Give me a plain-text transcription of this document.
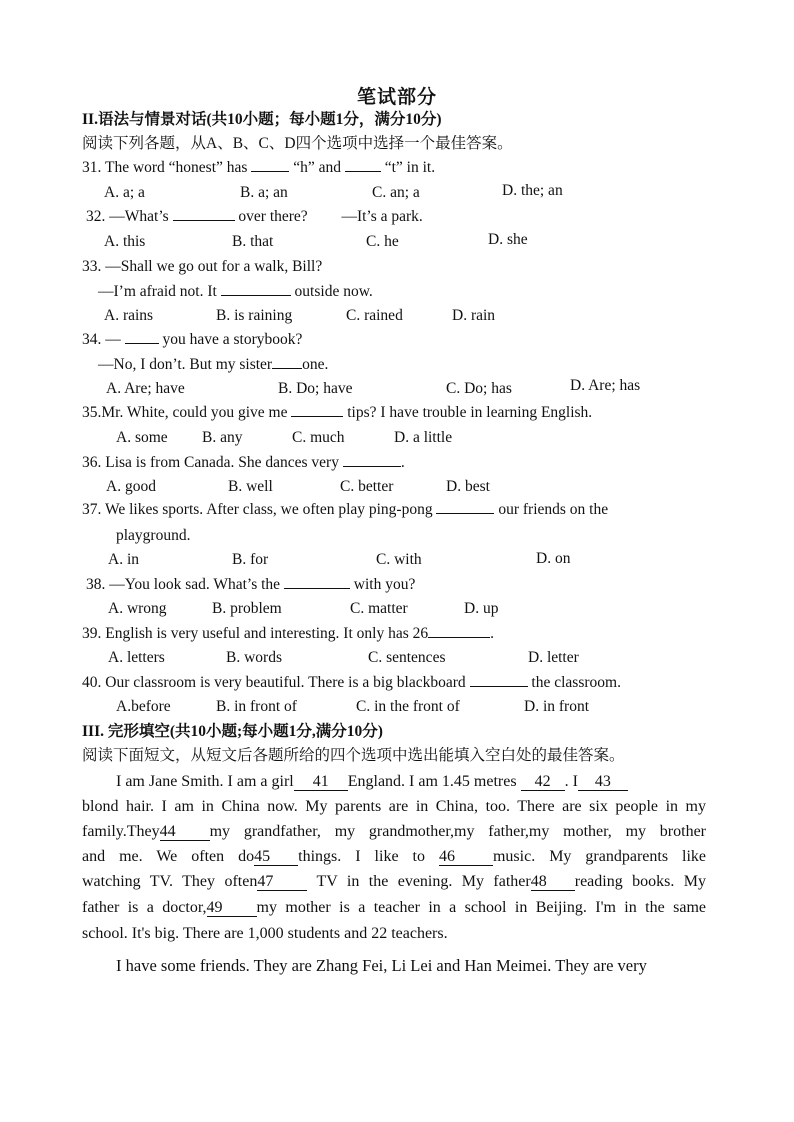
笔试部分
II.语法与情景对话(共10小题；每小题1分，满分10分)
阅读下列各题，从A、B、C、D四个选项中选择一个最佳答案。
31. The word “honest” has	“h” and	“t” in it.
A. a; a	B. a; an	C. an; a	D. the; an
32. —What’s	over there? —It’s a park.
A. this	B. that	C. he	D. she
33. —Shall we go out for a walk, Bill?
—I’m afraid not. It	outside now.
A. rains	B. is raining	C. rained	D. rain
34. —	you have a storybook?
—No, I don’t. But my sister one.
A. Are; have	B. Do; have	C. Do; has	D. Are; has
35.Mr. White, could you give me	tips? I have trouble in learning English.
A. some B. any	C. much	D. a little
36. Lisa is from Canada. She dances very	.
A. good	B. well	C. better	D. best
37. We likes sports. After class, we often play ping-pong	our friends on the
playground.
A. in	B. for	C. with	D. on
38. —You look sad. What’s the	with you?
A. wrong	B. problem	C. matter	D. up
39. English is very useful and interesting. It only has 26	.
A. letters	B. words	C. sentences	D. letter
40. Our classroom is very beautiful. There is a big blackboard	the classroom.
A.before	B. in front of	C. in the front of	D. in front
III. 完形填空(共10小题;每小题1分,满分10分)
阅读下面短文，从短文后各题所给的四个选项中选出能填入空白处的最佳答案。
I am Jane Smith. I am a girl 41 England. I am 1.45 metres 42 . I 43
blond hair. I am in China now. My parents are in China, too. There are six people in my
family.They44 my grandfather, my grandmother,my father,my mother, my brother
and me. We often do45 things. I like to 46 music. My grandparents like
watching TV. They often47	TV in the evening. My father48 reading books. My
father is a doctor,49 my mother is a teacher in a school in Beijing. I'm in the same
school. It's big. There are 1,000 students and 22 teachers.
I have some friends. They are Zhang Fei, Li Lei and Han Meimei. They are very
